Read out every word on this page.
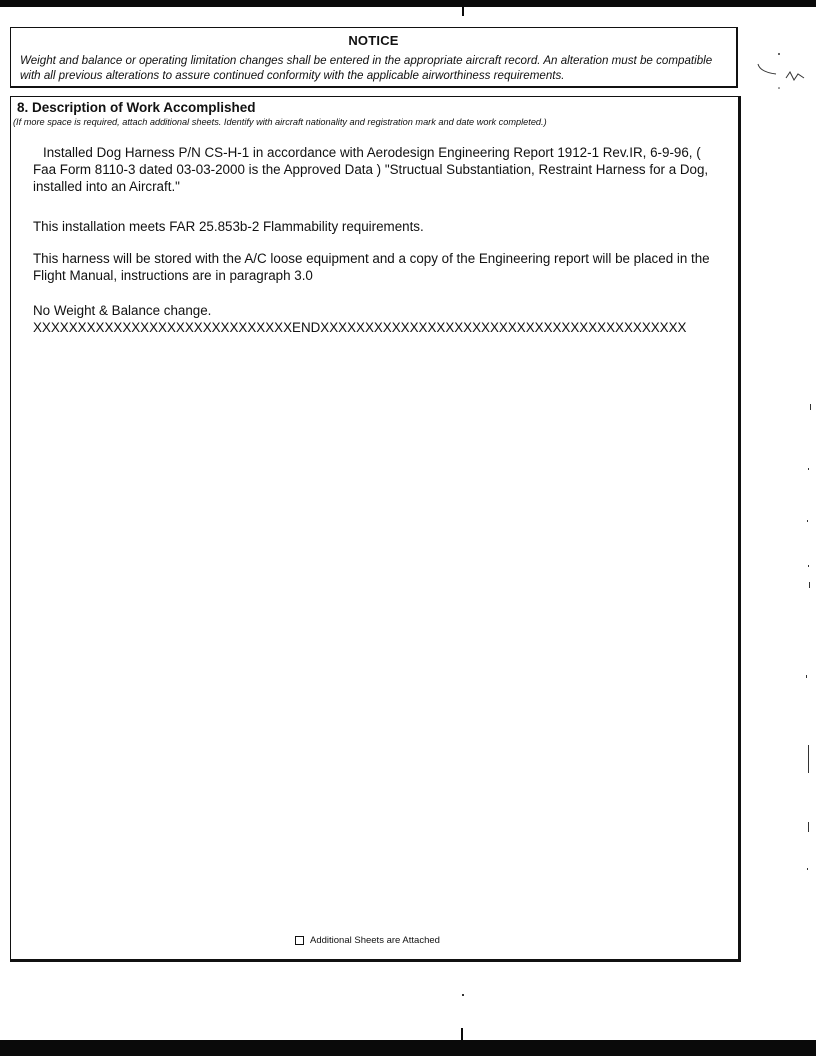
NOTICE
Weight and balance or operating limitation changes shall be entered in the appropriate aircraft record. An alteration must be compatible with all previous alterations to assure continued conformity with the applicable airworthiness requirements.
8. Description of Work Accomplished
(If more space is required, attach additional sheets. Identify with aircraft nationality and registration mark and date work completed.)
Installed Dog Harness P/N CS-H-1 in accordance with Aerodesign Engineering Report 1912-1 Rev.IR, 6-9-96, ( Faa Form 8110-3 dated 03-03-2000 is the Approved Data ) "Structual Substantiation, Restraint Harness for a Dog, installed into an Aircraft."
This installation meets FAR 25.853b-2 Flammability requirements.
This harness will be stored with the A/C loose equipment and a copy of the Engineering report will be placed in the Flight Manual, instructions are in paragraph 3.0
No Weight & Balance change.
XXXXXXXXXXXXXXXXXXXXXXXXXXXXXENDXXXXXXXXXXXXXXXXXXXXXXXXXXXXXXXXXXXXXXXXX
Additional Sheets are Attached
